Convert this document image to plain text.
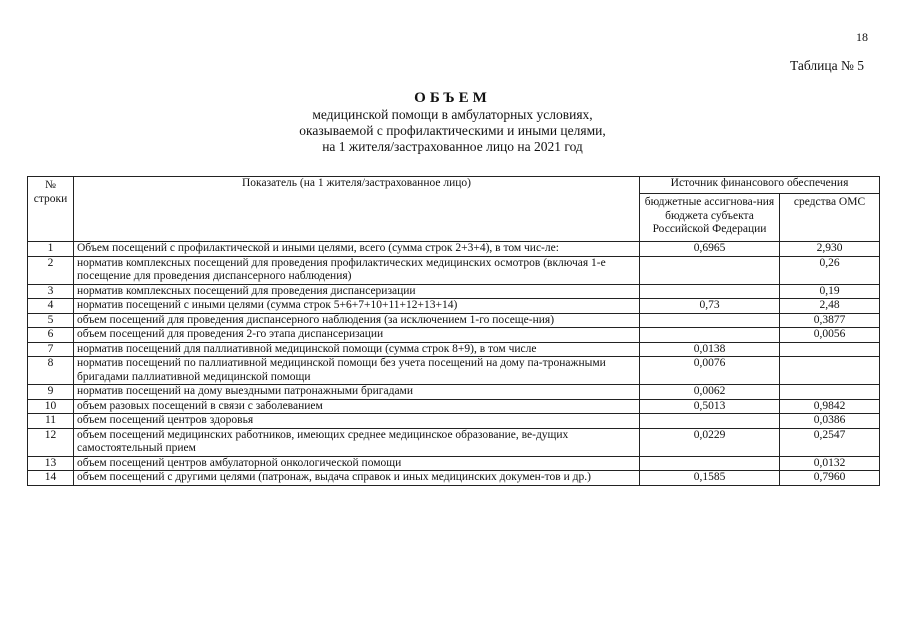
18
Таблица № 5
ОБЪЕМ
медицинской помощи в амбулаторных условиях,
оказываемой с профилактическими и иными целями,
на 1 жителя/застрахованное лицо на 2021 год
№
строки	Показатель (на 1 жителя/застрахованное лицо)	Источник финансового обеспечения	
		бюджетные ассигнова-ния бюджета субъекта Российской Федерации	средства ОМС
1	Объем посещений с профилактической и иными целями, всего (сумма строк 2+3+4), в том чис-ле:	0,6965	2,930
2	норматив комплексных посещений для проведения профилактических медицинских осмотров (включая 1-е посещение для проведения диспансерного наблюдения)		0,26
3	норматив комплексных посещений для проведения диспансеризации		0,19
4	норматив посещений с иными целями (сумма строк 5+6+7+10+11+12+13+14)	0,73	2,48
5	объем посещений для проведения диспансерного наблюдения (за исключением 1-го посеще-ния)		0,3877
6	объем посещений для проведения 2-го этапа диспансеризации		0,0056
7	норматив посещений для паллиативной медицинской помощи (сумма строк 8+9), в том числе	0,0138	
8	норматив посещений по паллиативной медицинской помощи без учета посещений на дому па-тронажными бригадами паллиативной медицинской помощи	0,0076	
9	норматив посещений на дому выездными патронажными бригадами	0,0062	
10	объем разовых посещений в связи с заболеванием	0,5013	0,9842
11	объем посещений центров здоровья		0,0386
12	объем посещений медицинских работников, имеющих среднее медицинское образование, ве-дущих самостоятельный прием	0,0229	0,2547
13	объем посещений центров амбулаторной онкологической помощи		0,0132
14	объем посещений с другими целями (патронаж, выдача справок и иных медицинских докумен-тов и др.)	0,1585	0,7960
